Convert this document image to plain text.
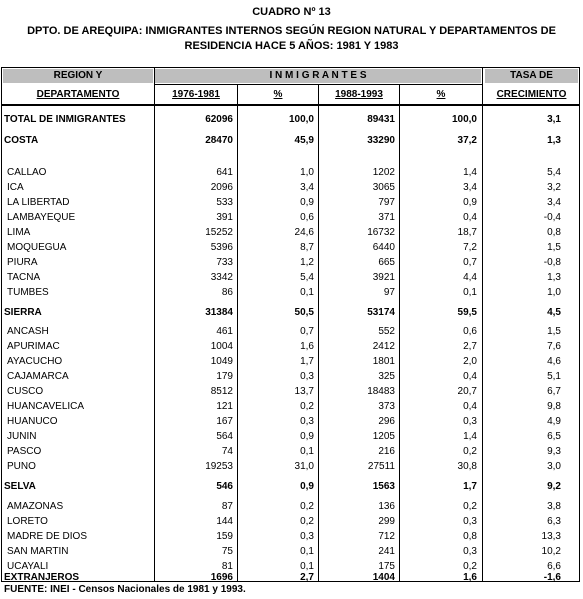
CUADRO Nº 13
DPTO. DE AREQUIPA: INMIGRANTES INTERNOS SEGÚN REGION NATURAL Y DEPARTAMENTOS DE
RESIDENCIA HACE 5 AÑOS: 1981 Y 1983
REGION Y
DEPARTAMENTO
I N M I G R A N T E S
1976-1981	%	1988-1993	%
TASA DE
CRECIMIENTO
TOTAL DE INMIGRANTES	62096	100,0	89431	100,0	3,1
COSTA	28470	45,9	33290	37,2	1,3
CALLAO	641	1,0	1202	1,4	5,4
ICA	2096	3,4	3065	3,4	3,2
LA LIBERTAD	533	0,9	797	0,9	3,4
LAMBAYEQUE	391	0,6	371	0,4	-0,4
LIMA	15252	24,6	16732	18,7	0,8
MOQUEGUA	5396	8,7	6440	7,2	1,5
PIURA	733	1,2	665	0,7	-0,8
TACNA	3342	5,4	3921	4,4	1,3
TUMBES	86	0,1	97	0,1	1,0
SIERRA	31384	50,5	53174	59,5	4,5
ANCASH	461	0,7	552	0,6	1,5
APURIMAC	1004	1,6	2412	2,7	7,6
AYACUCHO	1049	1,7	1801	2,0	4,6
CAJAMARCA	179	0,3	325	0,4	5,1
CUSCO	8512	13,7	18483	20,7	6,7
HUANCAVELICA	121	0,2	373	0,4	9,8
HUANUCO	167	0,3	296	0,3	4,9
JUNIN	564	0,9	1205	1,4	6,5
PASCO	74	0,1	216	0,2	9,3
PUNO	19253	31,0	27511	30,8	3,0
SELVA	546	0,9	1563	1,7	9,2
AMAZONAS	87	0,2	136	0,2	3,8
LORETO	144	0,2	299	0,3	6,3
MADRE DE DIOS	159	0,3	712	0,8	13,3
SAN MARTIN	75	0,1	241	0,3	10,2
UCAYALI	81	0,1	175	0,2	6,6
EXTRANJEROS	1696	2,7	1404	1,6	-1,6
FUENTE: INEI - Censos Nacionales de 1981 y 1993.
